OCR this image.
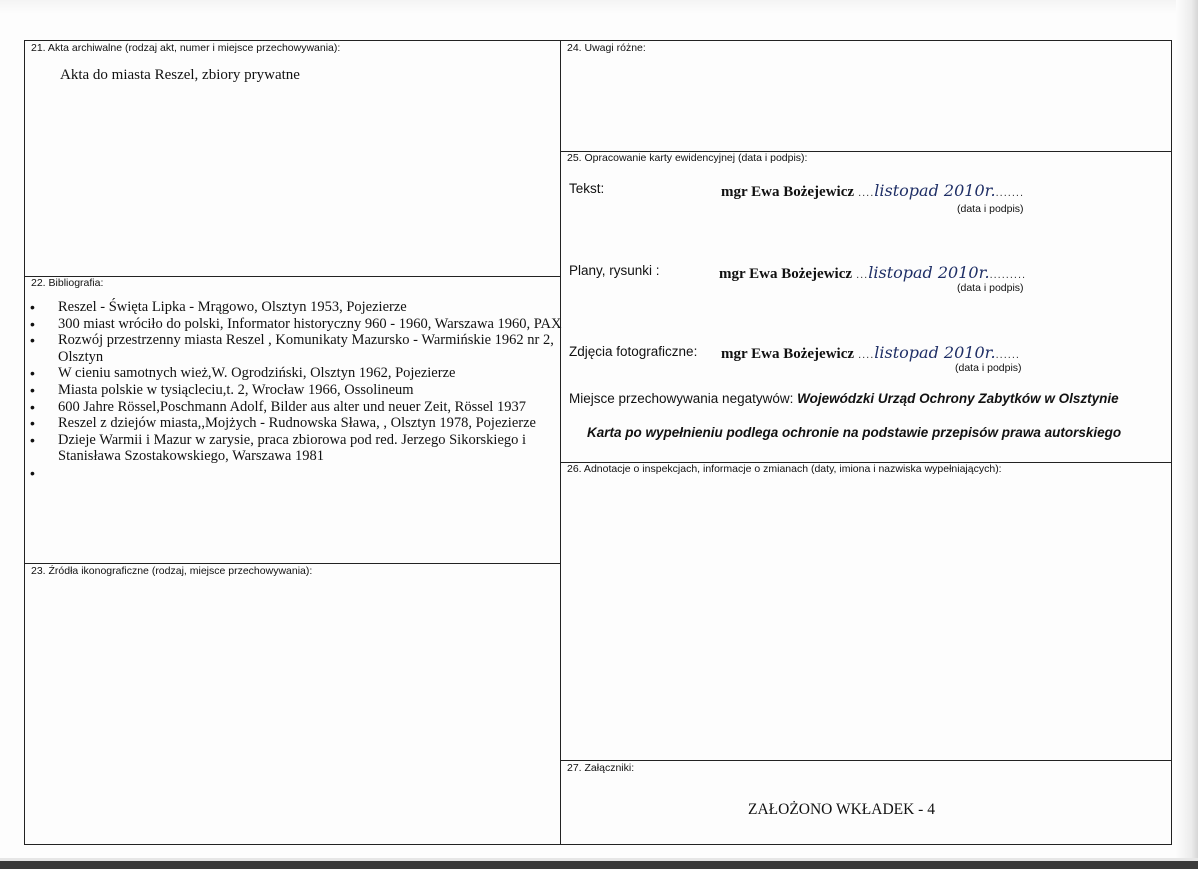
21. Akta archiwalne (rodzaj akt, numer i miejsce przechowywania):
Akta do miasta Reszel, zbiory prywatne
22. Bibliografia:
• Reszel - Święta Lipka - Mrągowo, Olsztyn 1953, Pojezierze
• 300 miast wróciło do polski, Informator historyczny 960 - 1960, Warszawa 1960, PAX
• Rozwój przestrzenny miasta Reszel , Komunikaty Mazursko - Warmińskie 1962 nr 2, Olsztyn
• W cieniu samotnych wież,W. Ogrodziński, Olsztyn 1962, Pojezierze
• Miasta polskie w tysiącleciu,t. 2, Wrocław 1966, Ossolineum
• 600 Jahre Rössel,Poschmann Adolf, Bilder aus alter und neuer Zeit, Rössel 1937
• Reszel z dziejów miasta,,Mojżych - Rudnowska Sława, , Olsztyn 1978, Pojezierze
• Dzieje Warmii i Mazur w zarysie, praca zbiorowa pod red. Jerzego Sikorskiego i Stanisława Szostakowskiego, Warszawa 1981
•
23. Źródła ikonograficzne (rodzaj, miejsce przechowywania):
24. Uwagi różne:
25. Opracowanie karty ewidencyjnej (data i podpis):
Tekst:	mgr Ewa Bożejewicz ....listopad 2010r........
(data i podpis)
Plany, rysunki :	mgr Ewa Bożejewicz ...listopad 2010r..........
(data i podpis)
Zdjęcia fotograficzne: mgr Ewa Bożejewicz ....listopad 2010r.......
(data i podpis)
Miejsce przechowywania negatywów: Wojewódzki Urząd Ochrony Zabytków w Olsztynie
Karta po wypełnieniu podlega ochronie na podstawie przepisów prawa autorskiego
26. Adnotacje o inspekcjach, informacje o zmianach (daty, imiona i nazwiska wypełniających):
27. Załączniki:
ZAŁOŻONO WKŁADEK - 4
